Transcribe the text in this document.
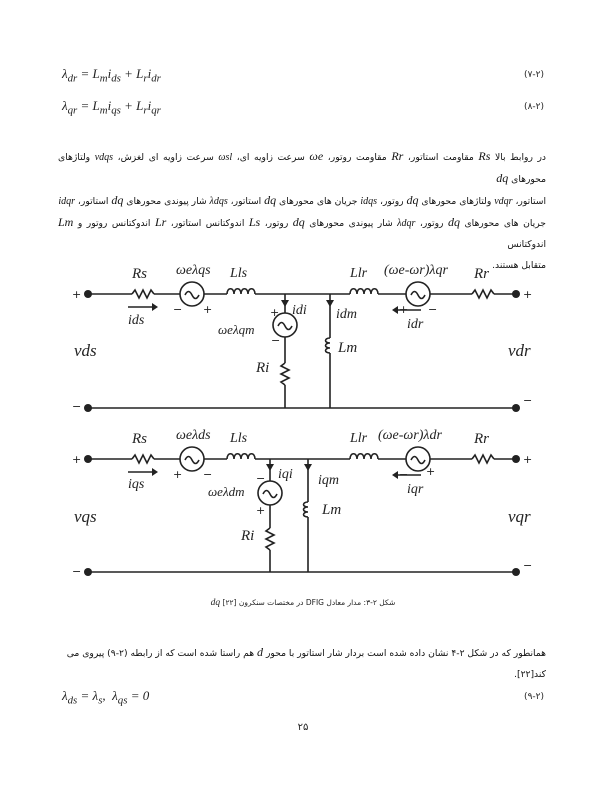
$\lambda_{dr} = L_mi_{ds} + L_ri_{dr}$	(۷-۲)
$\lambda_{qr} = L_mi_{qs} + L_ri_{qr}$	(۸-۲)
در روابط بالا Rs مقاومت استاتور، Rr مقاومت روتور، ωe سرعت زاویه ای، ωsl سرعت زاویه ای لغزش، vdqs ولتاژهای محورهای dq
استاتور، vdqr ولتاژهای محورهای dq روتور، idqs جریان های محورهای dq استاتور، λdqs شار پیوندی محورهای dq استاتور، idqr
جریان های محورهای dq روتور، λdqr شار پیوندی محورهای dq روتور، Ls اندوکتانس استاتور، Lr اندوکتانس روتور و Lm اندوکتانس
متقابل هستند.
Rs ωeλqs Lls	Llr (ωe-ωr)λqr Rr
ids
idi
ωeλqm
Ri
idm
Lm
idr
vds	vdr
+
−
+
−
− +	+
−
+ −
Rs ωeλds Lls	Llr (ωe-ωr)λdr Rr
iqs
iqi
ωeλdm
Ri
iqm
Lm
iqr
vqs	vqr
+
−
+
−
+ −	−
+
− +
شکل ۲-۳: مدار معادل DFIG در مختصات سنکرون dq [۲۲]
همانطور که در شکل ۲-۴ نشان داده شده است بردار شار استاتور با محور d هم راستا شده است که از رابطه (۲-۹) پیروی می
کند[۲۲].
$\lambda_{ds} = \lambda_s$,  $\lambda_{qs} = 0$	(۹-۲)
۲۵
